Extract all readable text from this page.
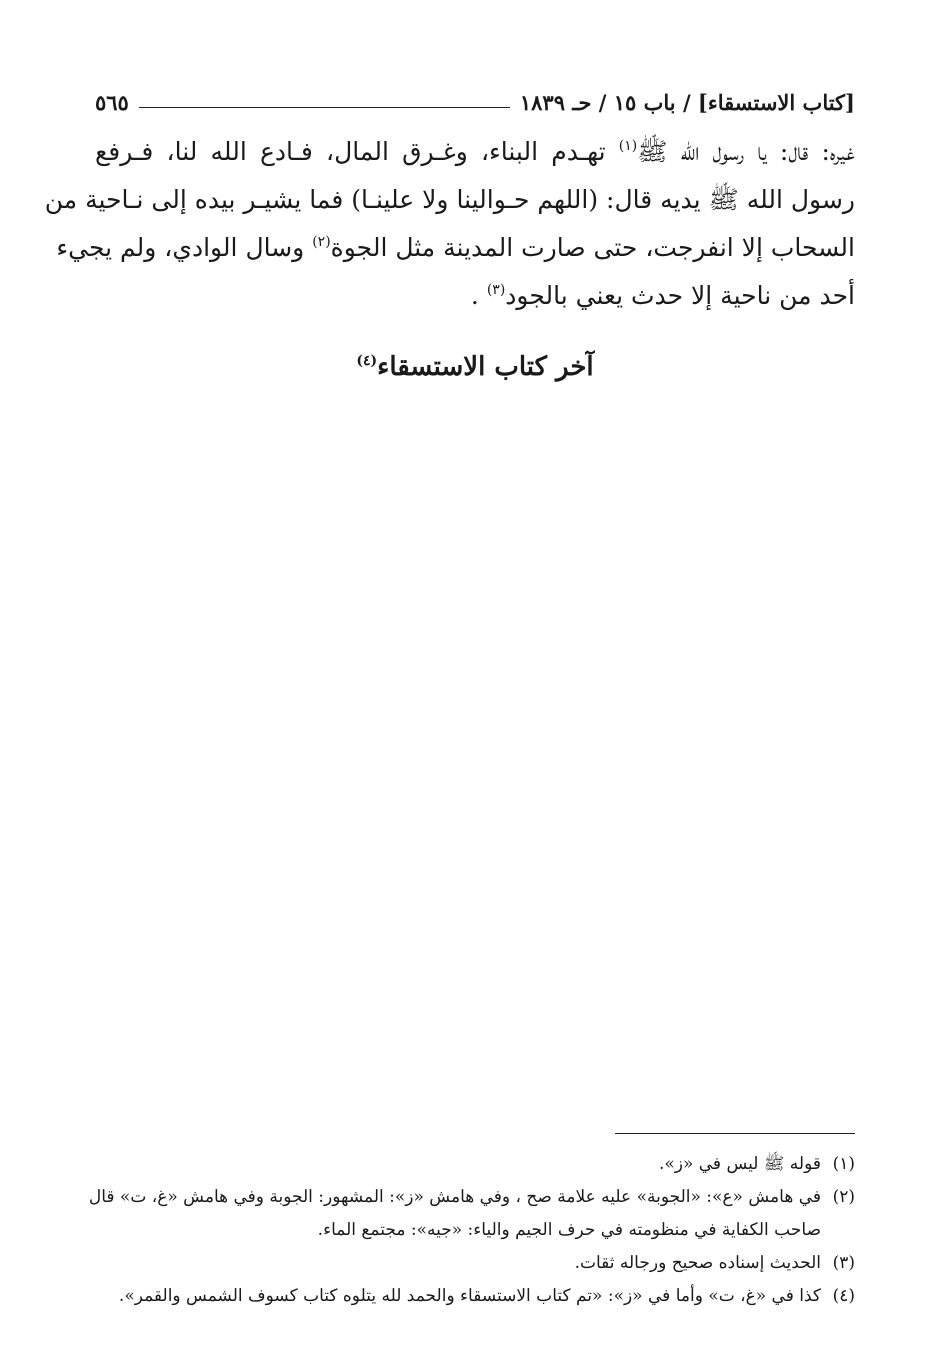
[كتاب الاستسقاء] / باب ١٥ / حـ ١٨٣٩
٥٦٥
غيره: قال: يا رسول الله ﷺ$^{(١)}$ تهـدم البناء، وغـرق المال، فـادع الله لنا، فـرفع
رسول الله ﷺ يديه قال: (اللهم حـوالينا ولا علينـا) فما يشيـر بيده إلى نـاحية من
السحاب إلا انفرجت، حتى صارت المدينة مثل الجوة$^{(٢)}$ وسال الوادي، ولم يجيء
أحد من ناحية إلا حدث يعني بالجود$^{(٣)}$ .
آخر كتاب الاستسقاء$^{(٤)}$
(١)قوله ﷺ ليس في «ز».
(٢)في هامش «ع»: «الجوبة» عليه علامة صح ، وفي هامش «ز»: المشهور: الجوبة وفي هامش «غ، ت» قال
صاحب الكفاية في منظومته في حرف الجيم والياء: «جيه»: مجتمع الماء.
(٣)الحديث إسناده صحيح ورجاله ثقات.
(٤)كذا في «غ، ت» وأما في «ز»: «تم كتاب الاستسقاء والحمد لله يتلوه كتاب كسوف الشمس والقمر».
